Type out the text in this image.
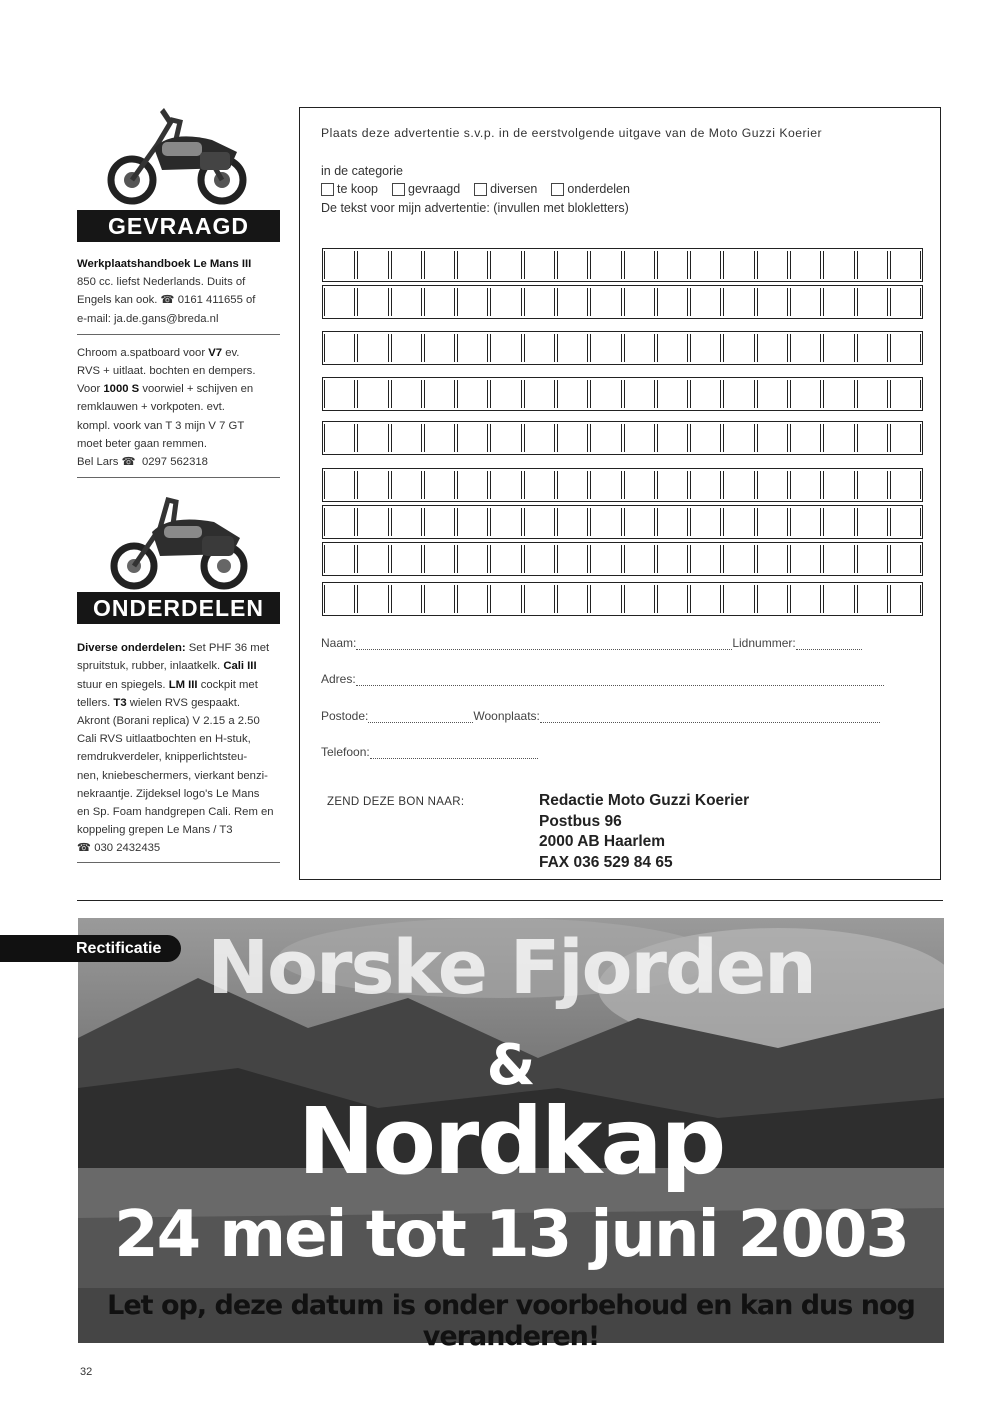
GEVRAAGD
Werkplaatshandboek Le Mans III
850 cc. liefst Nederlands. Duits of
Engels kan ook. ☎ 0161 411655 of
e-mail: ja.de.gans@breda.nl
Chroom a.spatboard voor V7 ev.
RVS + uitlaat. bochten en dempers.
Voor 1000 S voorwiel + schijven en
remklauwen + vorkpoten. evt.
kompl. voork van T 3 mijn V 7 GT
moet beter gaan remmen.
Bel Lars ☎ 0297 562318
ONDERDELEN
Diverse onderdelen: Set PHF 36 met
spruitstuk, rubber, inlaatkelk. Cali III
stuur en spiegels. LM III cockpit met
tellers. T3 wielen RVS gespaakt.
Akront (Borani replica) V 2.15 a 2.50
Cali RVS uitlaatbochten en H-stuk,
remdrukverdeler, knipperlichtsteu-
nen, kniebeschermers, vierkant benzi-
nekraantje. Zijdeksel logo's Le Mans
en Sp. Foam handgrepen Cali. Rem en
koppeling grepen Le Mans / T3
☎ 030 2432435
Plaats deze advertentie s.v.p. in de eerstvolgende uitgave van de Moto Guzzi Koerier
in de categorie
te koop gevraagd diversen onderdelen
De tekst voor mijn advertentie: (invullen met blokletters)
Naam:	Lidnummer:
Adres:
Postode:	Woonplaats:
Telefoon:
ZEND DEZE BON NAAR:	Redactie Moto Guzzi Koerier
Postbus 96
2000 AB Haarlem
FAX 036 529 84 65
Rectificatie Norske Fjorden
&
Nordkap
24 mei tot 13 juni 2003
Let op, deze datum is onder voorbehoud en kan dus nog veranderen!
32
